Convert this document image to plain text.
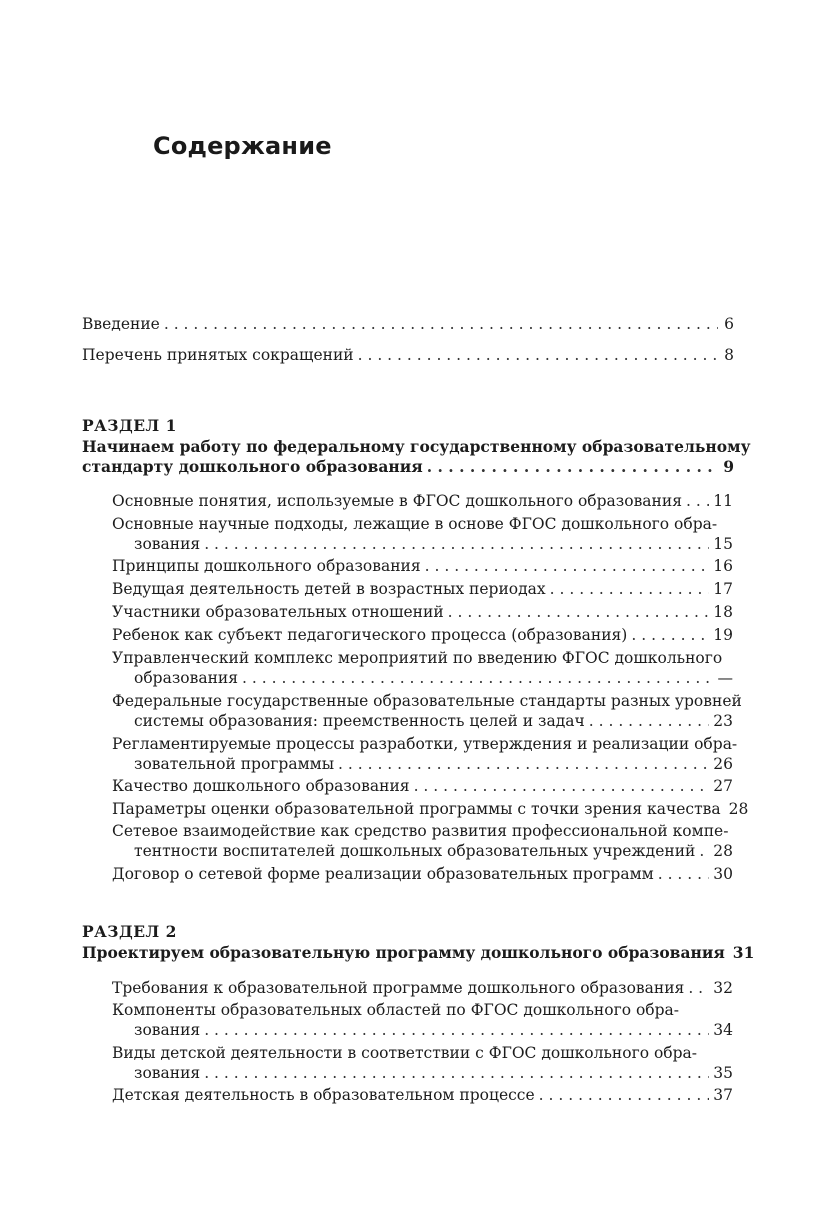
Содержание
Введение . . .	6
Перечень принятых сокращений . . .	8
РАЗДЕЛ 1
Начинаем работу по федеральному государственному образовательному
стандарту дошкольного образования . . .	9
Основные понятия, используемые в ФГОС дошкольного образования . . . 11
Основные научные подходы, лежащие в основе ФГОС дошкольного обра-
зования . . .	15
Принципы дошкольного образования . . .	16
Ведущая деятельность детей в возрастных периодах . . .	17
Участники образовательных отношений . . .	18
Ребенок как субъект педагогического процесса (образования) . . .	19
Управленческий комплекс мероприятий по введению ФГОС дошкольного
образования . . .	—
Федеральные государственные образовательные стандарты разных уровней
системы образования: преемственность целей и задач . . .	23
Регламентируемые процессы разработки, утверждения и реализации обра-
зовательной программы . . .	26
Качество дошкольного образования . . .	27
Параметры оценки образовательной программы с точки зрения качества 28
Сетевое взаимодействие как средство развития профессиональной компе-
тентности воспитателей дошкольных образовательных учреждений . . . 28
Договор о сетевой форме реализации образовательных программ . . .	30
РАЗДЕЛ 2
Проектируем образовательную программу дошкольного образования 31
Требования к образовательной программе дошкольного образования . . . 32
Компоненты образовательных областей по ФГОС дошкольного обра-
зования . . .	34
Виды детской деятельности в соответствии с ФГОС дошкольного обра-
зования . . .	35
Детская деятельность в образовательном процессе . . .	37
